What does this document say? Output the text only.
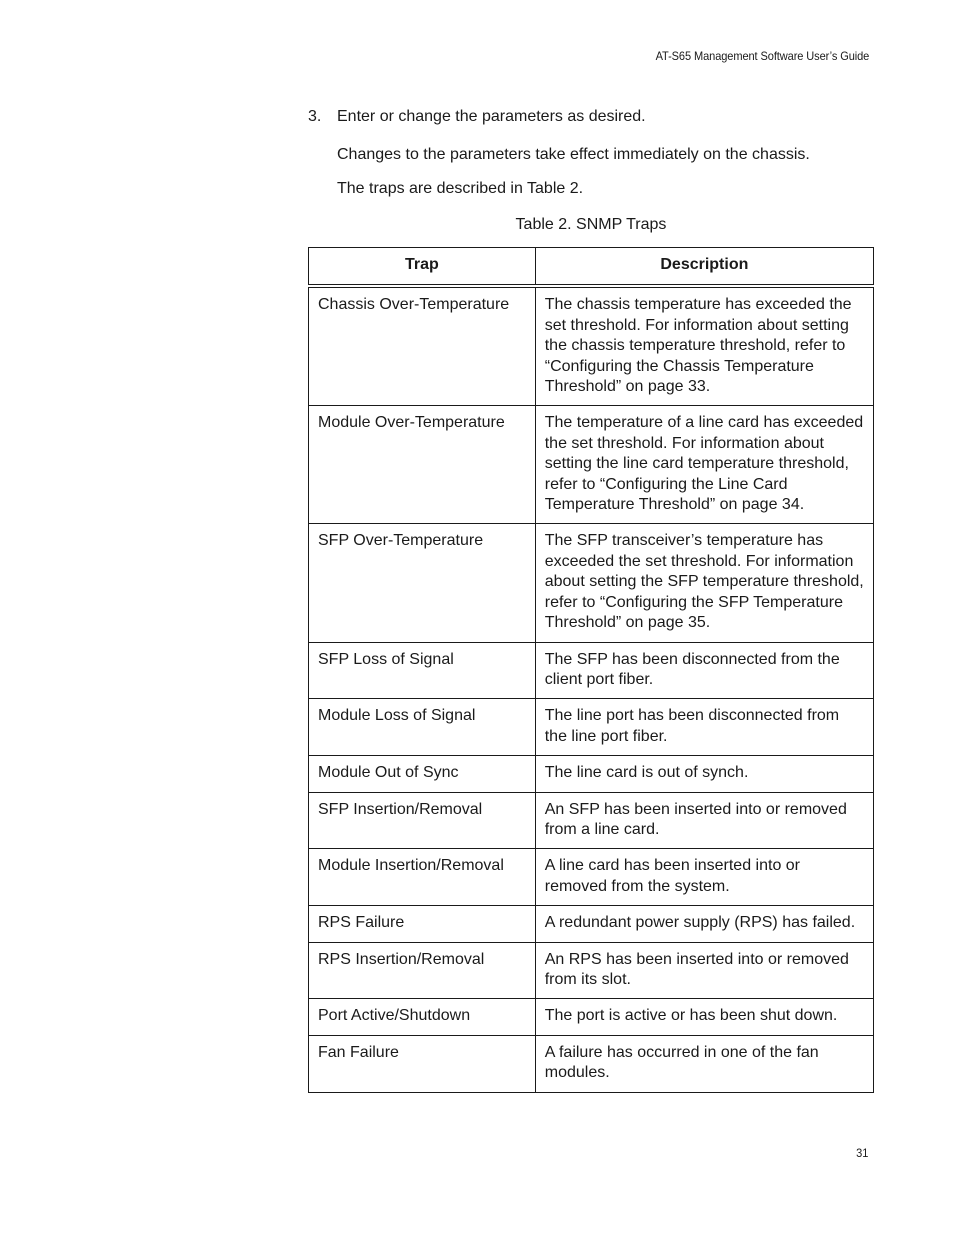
AT-S65 Management Software User’s Guide
3. Enter or change the parameters as desired.
Changes to the parameters take effect immediately on the chassis.
The traps are described in Table 2.
Table 2. SNMP Traps
Trap	Description
Chassis Over-Temperature	The chassis temperature has exceeded the set threshold. For information about setting the chassis temperature threshold, refer to “Configuring the Chassis Temperature Threshold” on page 33.
Module Over-Temperature	The temperature of a line card has exceeded the set threshold. For information about setting the line card temperature threshold, refer to “Configuring the Line Card Temperature Threshold” on page 34.
SFP Over-Temperature	The SFP transceiver’s temperature has exceeded the set threshold. For information about setting the SFP temperature threshold, refer to “Configuring the SFP Temperature Threshold” on page 35.
SFP Loss of Signal	The SFP has been disconnected from the client port fiber.
Module Loss of Signal	The line port has been disconnected from the line port fiber.
Module Out of Sync	The line card is out of synch.
SFP Insertion/Removal	An SFP has been inserted into or removed from a line card.
Module Insertion/Removal	A line card has been inserted into or removed from the system.
RPS Failure	A redundant power supply (RPS) has failed.
RPS Insertion/Removal	An RPS has been inserted into or removed from its slot.
Port Active/Shutdown	The port is active or has been shut down.
Fan Failure	A failure has occurred in one of the fan modules.
31
